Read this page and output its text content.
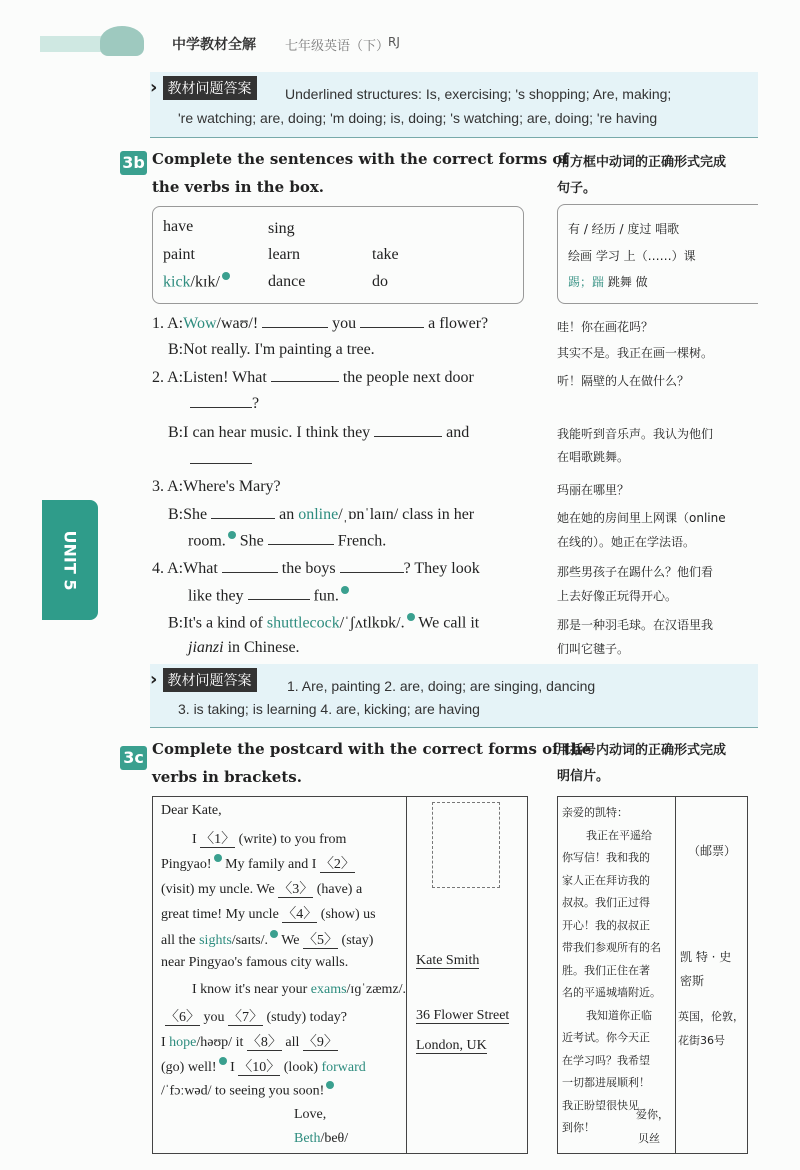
中学教材全解 七年级英语（下）
RJ
› 教材问题答案	Underlined structures: Is, exercising; 's shopping; Are, making;
're watching; are, doing; 'm doing; is, doing; 's watching; are, doing; 're having
3b Complete the sentences with the correct forms of
the verbs in the box.
用方框中动词的正确形式完成
句子。
have	sing
paint	learn	take
kick/kɪk/	dance	do
有 / 经历 / 度过 唱歌
绘画 学习 上（……）课
踢；踹 跳舞 做
1. A:Wow/waʊ/!	you	a flower?
B:Not really. I'm painting a tree.
2. A:Listen! What	the people next door
?
B:I can hear music. I think they	and
3. A:Where's Mary?
B:She	an online/ˌɒnˈlaɪn/ class in her
room. She	French.
4. A:What	the boys	? They look
like they	fun.
B:It's a kind of shuttlecock/ˈʃʌtlkɒk/. We call it
jianzi in Chinese.
哇！你在画花吗？
其实不是。我正在画一棵树。
听！隔壁的人在做什么？
我能听到音乐声。我认为他们
在唱歌跳舞。
玛丽在哪里？
她在她的房间里上网课（online
在线的）。她正在学法语。
那些男孩子在踢什么？他们看
上去好像正玩得开心。
那是一种羽毛球。在汉语里我
们叫它毽子。
UNIT 5
› 教材问题答案	1. Are, painting 2. are, doing; are singing, dancing
3. is taking; is learning 4. are, kicking; are having
3c Complete the postcard with the correct forms of the
verbs in brackets.
用括号内动词的正确形式完成
明信片。
Kate Smith
36 Flower Street
London, UK
Dear Kate,
I 〈1〉 (write) to you from
Pingyao! My family and I 〈2〉
(visit) my uncle. We 〈3〉 (have) a
great time! My uncle 〈4〉 (show) us
all the sights/saɪts/. We 〈5〉 (stay)
near Pingyao's famous city walls.
I know it's near your exams/ɪɡˈzæmz/.
〈6〉 you 〈7〉 (study) today?
I hope/həʊp/ it 〈8〉 all 〈9〉
(go) well! I 〈10〉 (look) forward
/ˈfɔːwəd/ to seeing you soon!
Love,
Beth/beθ/
亲爱的凯特：
我正在平遥给
你写信！我和我的
家人正在拜访我的
叔叔。我们正过得
开心！我的叔叔正
带我们参观所有的名
胜。我们正住在著
名的平遥城墙附近。
我知道你正临
近考试。你今天正
在学习吗？我希望
一切都进展顺利！
我正盼望很快见
到你！
爱你，
贝丝
（邮票）
凯 特 · 史
密斯
英国，伦敦，
花街36号
